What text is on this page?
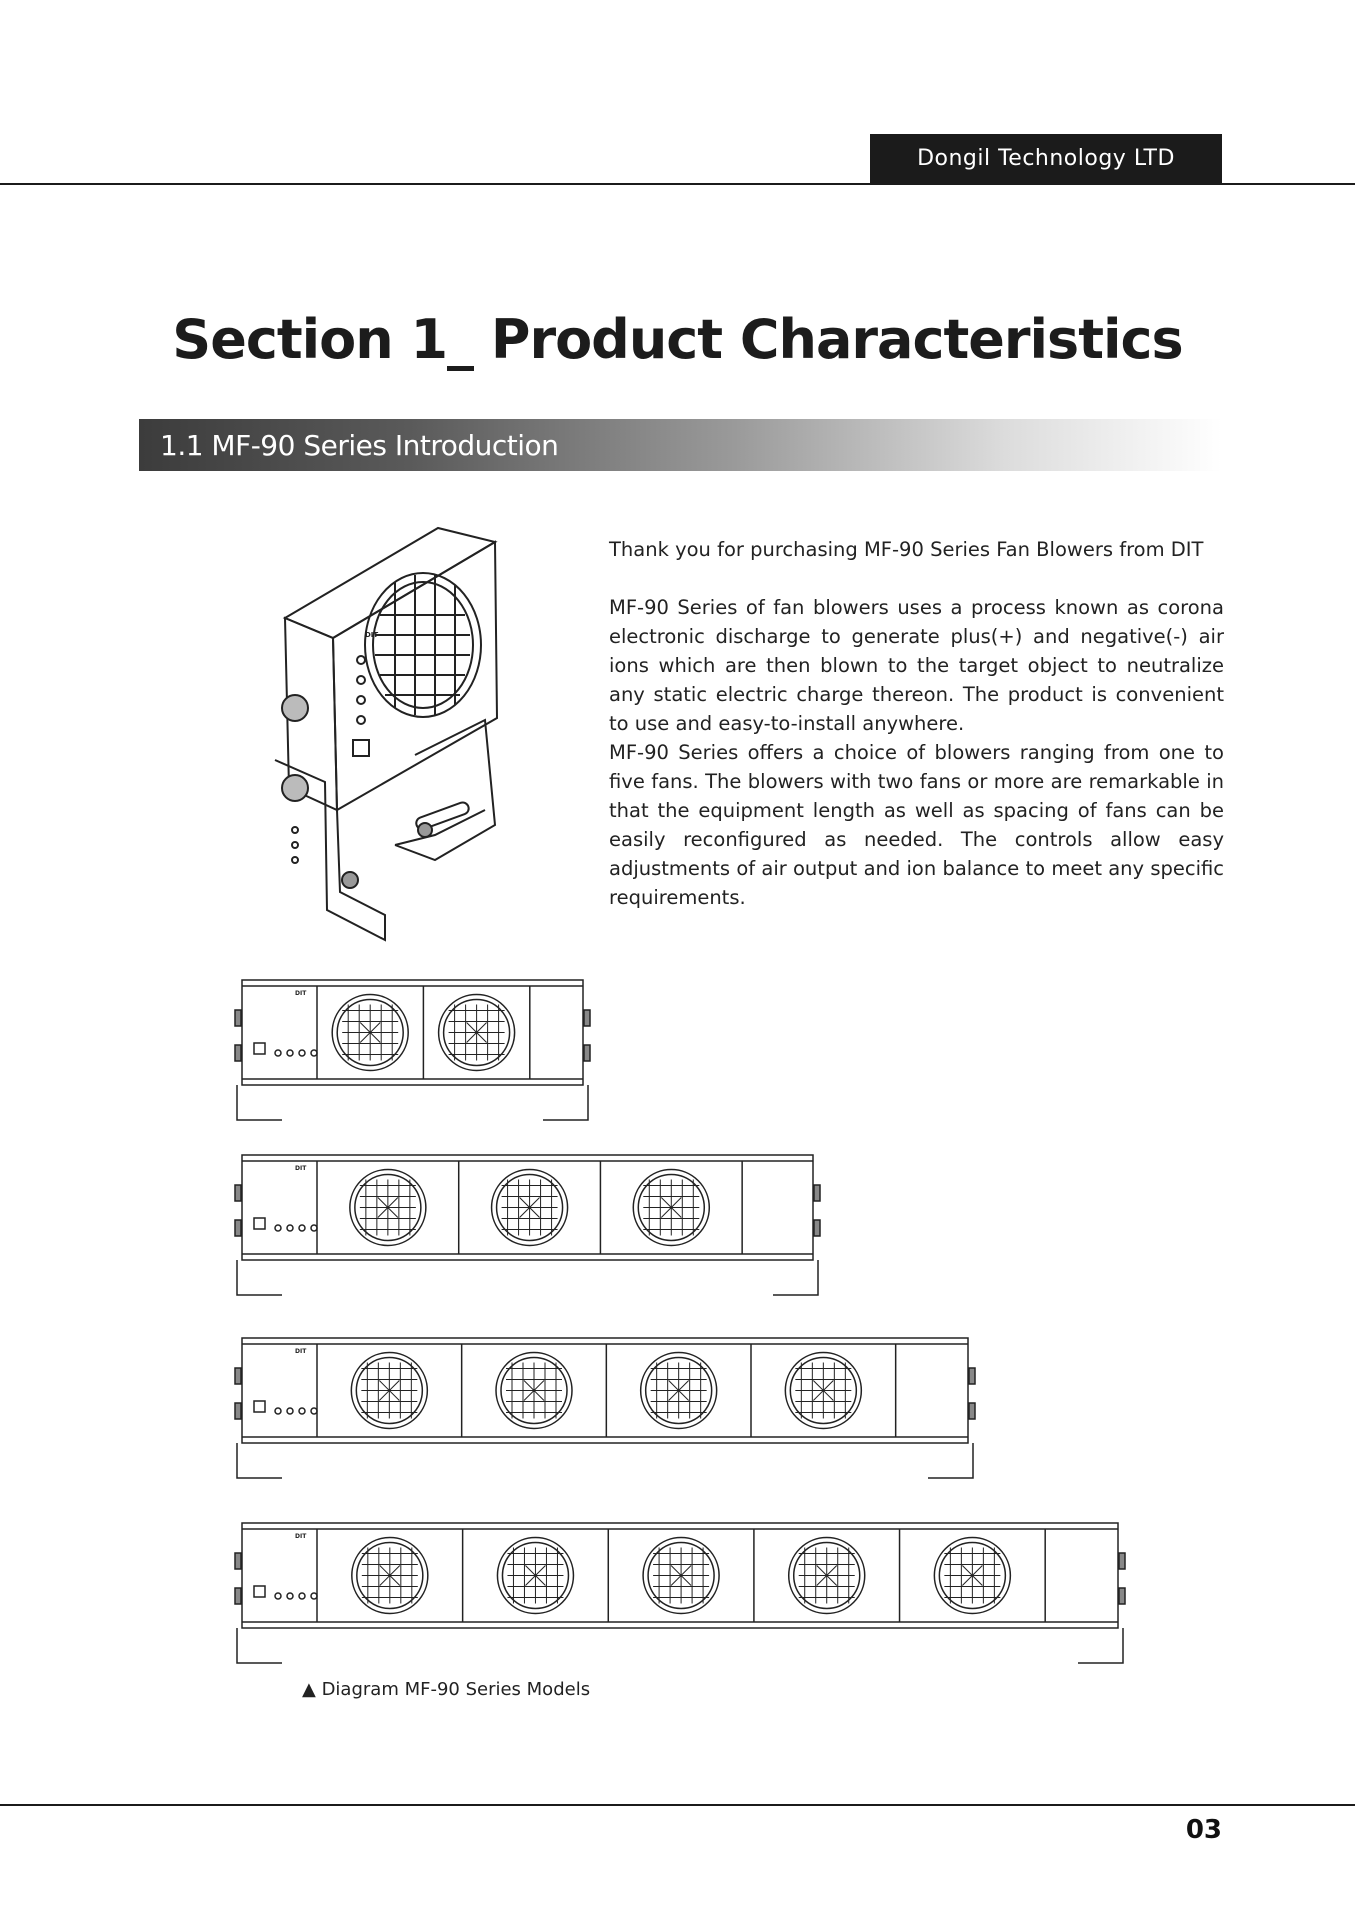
Dongil Technology LTD
Section 1_ Product Characteristics
1.1 MF-90 Series Introduction
DIT

Thank you for purchasing MF-90 Series Fan Blowers from DIT

MF-90 Series of fan blowers uses a process known as corona electronic discharge to generate plus(+) and negative(-) air ions which are then blown to the target object to neutralize any static electric charge thereon. The product is convenient to use and easy-to-install anywhere.

MF-90 Series offers a choice of blowers ranging from one to five fans. The blowers with two fans or more are remarkable in that the equipment length as well as spacing of fans can be easily reconfigured as needed. The controls allow easy adjustments of air output and ion balance to meet any specific requirements.

DIT
DIT
DIT
DIT
▲ Diagram MF-90 Series Models
03
